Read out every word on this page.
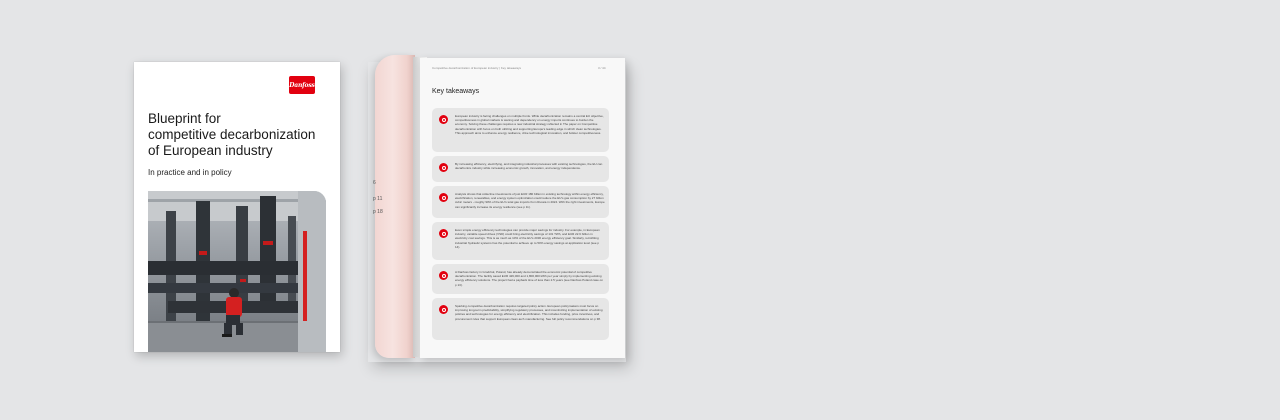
Danfoss
Blueprint for
competitive decarbonization
of European industry
In practice and in policy
6
p 11
p 18
Competitive decarbonization of European industry | Key takeaways	3 / 44
Key takeaways
European industry is facing challenges on multiple fronts. While decarbonization remains a central EU objective, competitiveness in global markets is waning and dependency on energy imports continues to burden the economy. Solving these challenges requires a new industrial strategy reflected in The paper on Competitive decarbonization with focus on both utilizing and supporting Europe's leading edge in which clean technologies. This approach aims to enhance energy resilience, drive technological innovation, and bolster competitiveness.
By increasing efficiency, electrifying, and integrating industrial processes with existing technologies, the EU can decarbonize industry while increasing economic growth, innovation, and energy independence.
Analysis shows that collective investments of just EUR 180 billion in existing technology within energy efficiency, electrification, renewables, and energy system optimization could reduce the EU's gas consumption by 27 billion cubic meters - roughly 90% of the EU's total gas imports from Russia in 2024. With the right investments, Europe can significantly increase its energy resilience (see p 11).
Even simple energy efficiency technologies can provide major savings for industry. For example, in European industry, variable speed drives (VSD) could bring electricity savings of 131 TWh, and EUR 22.6 billion in electricity cost savings. This is as much as 10% of the EU's 2030 energy efficiency goal. Similarly, retrofitting industrial hydraulic systems has the potential to achieve up to 50% energy savings at application level (see p 14).
A Danfoss factory in Grodzisk, Poland, has already demonstrated the economic potential of competitive decarbonization. The facility saved EUR 426,000 and 1,800,000 kWh per year simply by implementing existing energy efficiency solutions. The project had a payback time of less than 2.5 years (see Danfoss Poland case on p 13).
Sparking competitive decarbonization requires targeted policy action. European policymakers must focus on improving long-term predictability, simplifying regulatory processes, and incentivizing implementation of existing policies and technologies for energy efficiency and electrification. This includes funding, price incentives, and procurement rules that support European clean-tech manufacturing. See full policy recommendations on p 38.
